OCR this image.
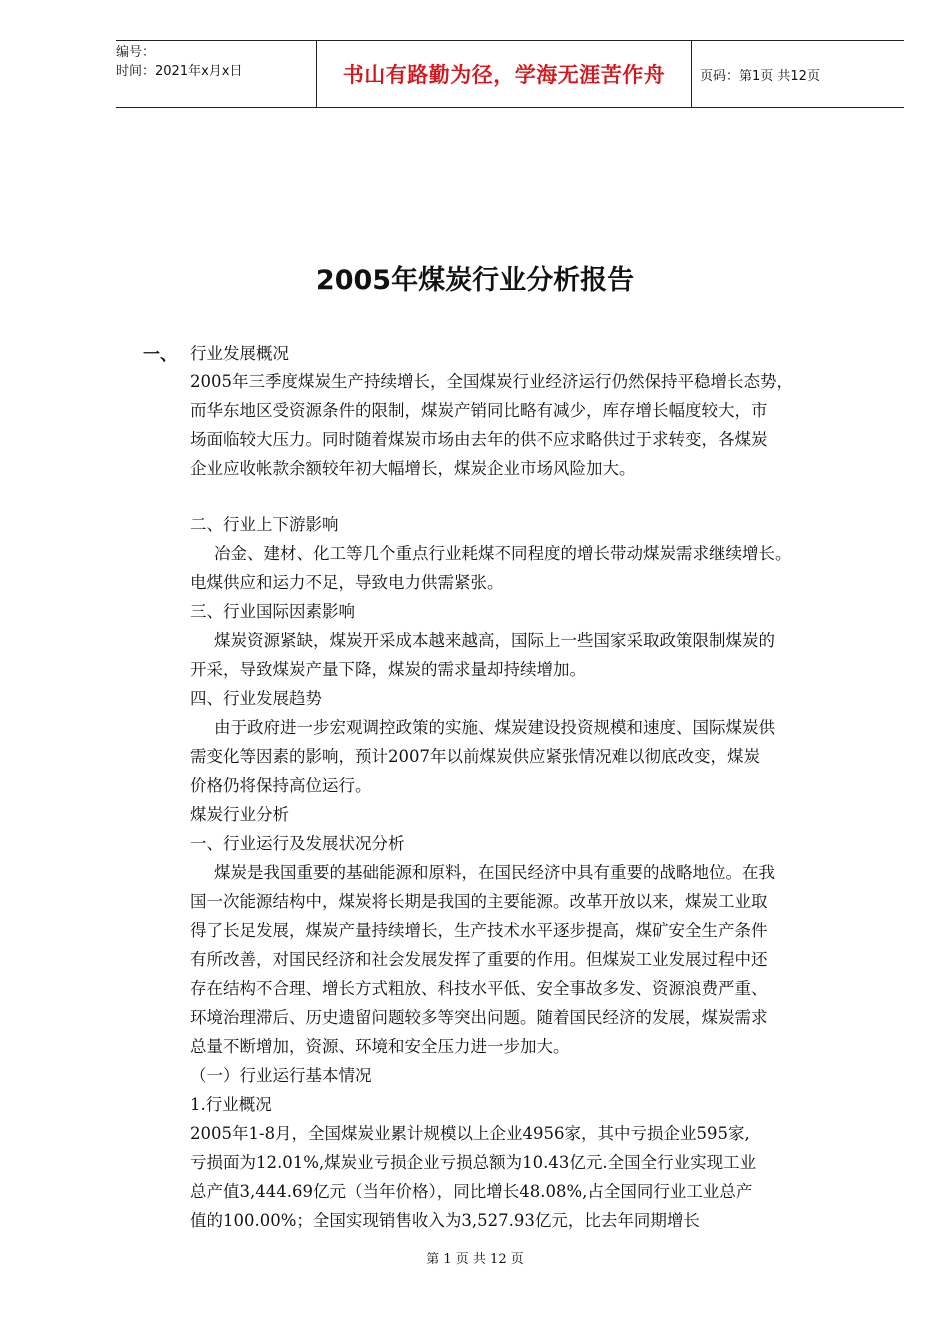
编号：
时间：2021年x月x日	书山有路勤为径，学海无涯苦作舟	页码：第1页 共12页
2005年煤炭行业分析报告
一、 行业发展概况
2005年三季度煤炭生产持续增长，全国煤炭行业经济运行仍然保持平稳增长态势，
而华东地区受资源条件的限制，煤炭产销同比略有减少，库存增长幅度较大，市
场面临较大压力。同时随着煤炭市场由去年的供不应求略供过于求转变，各煤炭
企业应收帐款余额较年初大幅增长，煤炭企业市场风险加大。
二、行业上下游影响
冶金、建材、化工等几个重点行业耗煤不同程度的增长带动煤炭需求继续增长。
电煤供应和运力不足，导致电力供需紧张。
三、行业国际因素影响
煤炭资源紧缺，煤炭开采成本越来越高，国际上一些国家采取政策限制煤炭的
开采，导致煤炭产量下降，煤炭的需求量却持续增加。
四、行业发展趋势
由于政府进一步宏观调控政策的实施、煤炭建设投资规模和速度、国际煤炭供
需变化等因素的影响，预计2007年以前煤炭供应紧张情况难以彻底改变，煤炭
价格仍将保持高位运行。
煤炭行业分析
一、行业运行及发展状况分析
煤炭是我国重要的基础能源和原料，在国民经济中具有重要的战略地位。在我
国一次能源结构中，煤炭将长期是我国的主要能源。改革开放以来，煤炭工业取
得了长足发展，煤炭产量持续增长，生产技术水平逐步提高，煤矿安全生产条件
有所改善，对国民经济和社会发展发挥了重要的作用。但煤炭工业发展过程中还
存在结构不合理、增长方式粗放、科技水平低、安全事故多发、资源浪费严重、
环境治理滞后、历史遗留问题较多等突出问题。随着国民经济的发展，煤炭需求
总量不断增加，资源、环境和安全压力进一步加大。
（一）行业运行基本情况
1.行业概况
2005年1-8月，全国煤炭业累计规模以上企业4956家，其中亏损企业595家,
亏损面为12.01%,煤炭业亏损企业亏损总额为10.43亿元.全国全行业实现工业
总产值3,444.69亿元（当年价格），同比增长48.08%,占全国同行业工业总产
值的100.00%；全国实现销售收入为3,527.93亿元，比去年同期增长
第 1 页 共 12 页
